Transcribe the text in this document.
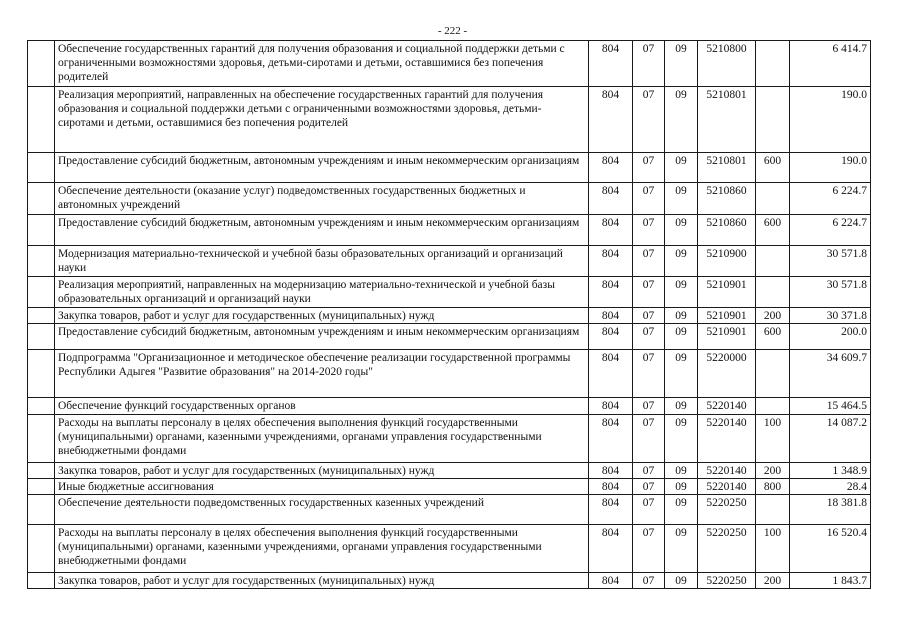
- 222 -
	Обеспечение государственных гарантий для получения образования и социальной поддержки детьми с ограниченными возможностями здоровья, детьми-сиротами и детьми, оставшимися без попечения родителей	804	07	09	5210800		6 414.7
	Реализация мероприятий, направленных на обеспечение государственных гарантий для получения образования и социальной поддержки детьми с ограниченными возможностями здоровья, детьми-сиротами и детьми, оставшимися без попечения родителей	804	07	09	5210801		190.0
	Предоставление субсидий бюджетным, автономным учреждениям и иным некоммерческим организациям	804	07	09	5210801	600	190.0
	Обеспечение деятельности (оказание услуг) подведомственных государственных бюджетных и автономных учреждений	804	07	09	5210860		6 224.7
	Предоставление субсидий бюджетным, автономным учреждениям и иным некоммерческим организациям	804	07	09	5210860	600	6 224.7
	Модернизация материально-технической и учебной базы образовательных организаций и организаций науки	804	07	09	5210900		30 571.8
	Реализация мероприятий, направленных на модернизацию материально-технической и учебной базы образовательных организаций и организаций науки	804	07	09	5210901		30 571.8
	Закупка товаров, работ и услуг для государственных (муниципальных) нужд	804	07	09	5210901	200	30 371.8
	Предоставление субсидий бюджетным, автономным учреждениям и иным некоммерческим организациям	804	07	09	5210901	600	200.0
	Подпрограмма "Организационное и методическое обеспечение реализации государственной программы Республики Адыгея "Развитие образования" на 2014-2020 годы"	804	07	09	5220000		34 609.7
	Обеспечение функций государственных органов	804	07	09	5220140		15 464.5
	Расходы на выплаты персоналу в целях обеспечения выполнения функций государственными (муниципальными) органами, казенными учреждениями, органами управления государственными внебюджетными фондами	804	07	09	5220140	100	14 087.2
	Закупка товаров, работ и услуг для государственных (муниципальных) нужд	804	07	09	5220140	200	1 348.9
	Иные бюджетные ассигнования	804	07	09	5220140	800	28.4
	Обеспечение деятельности подведомственных государственных казенных учреждений	804	07	09	5220250		18 381.8
	Расходы на выплаты персоналу в целях обеспечения выполнения функций государственными (муниципальными) органами, казенными учреждениями, органами управления государственными внебюджетными фондами	804	07	09	5220250	100	16 520.4
	Закупка товаров, работ и услуг для государственных (муниципальных) нужд	804	07	09	5220250	200	1 843.7
